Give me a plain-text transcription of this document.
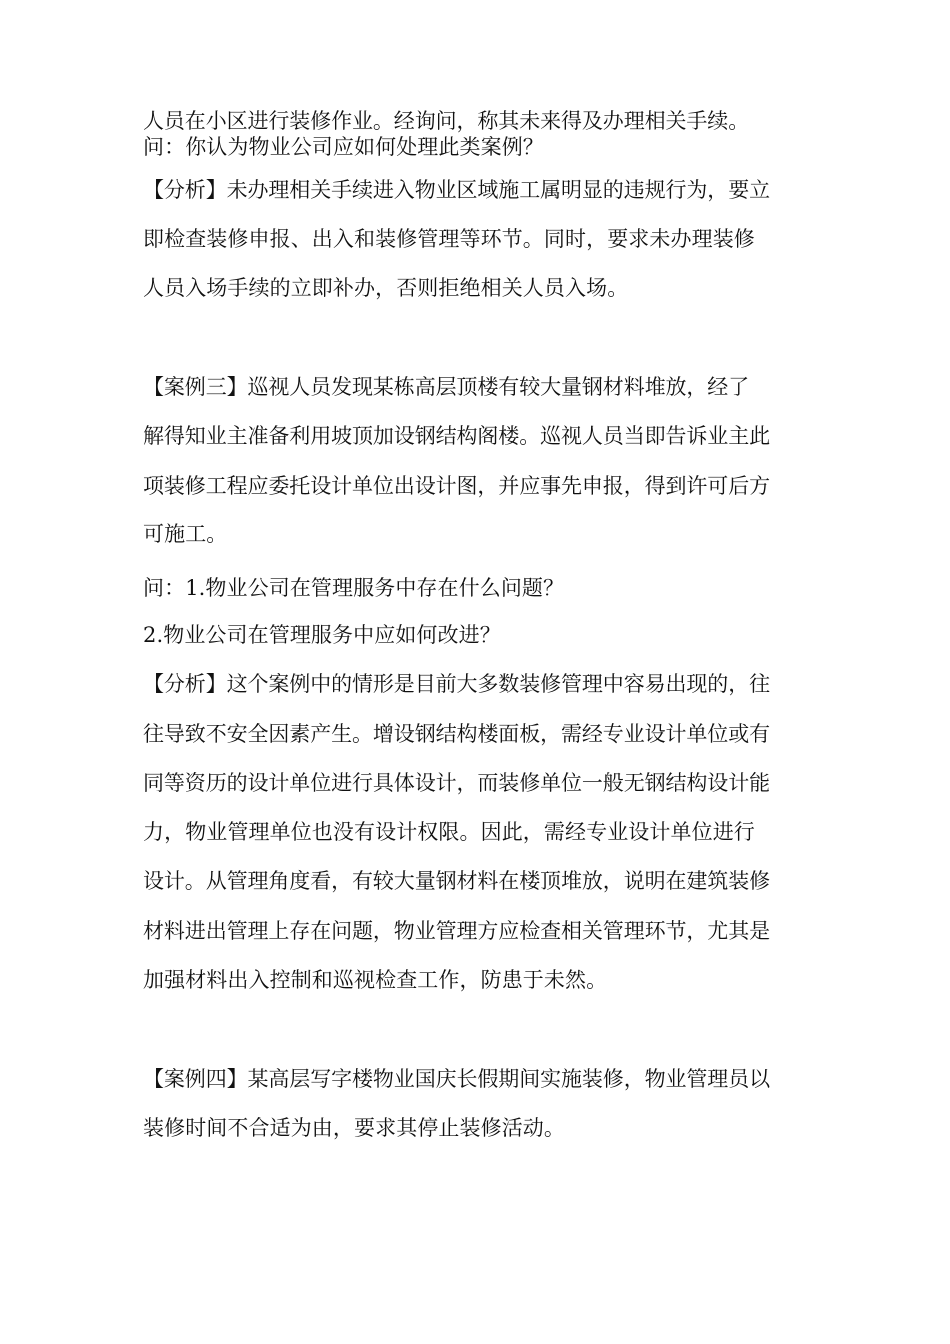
人员在小区进行装修作业。经询问，称其未来得及办理相关手续。
问：你认为物业公司应如何处理此类案例？
【分析】未办理相关手续进入物业区域施工属明显的违规行为，要立
即检查装修申报、出入和装修管理等环节。同时，要求未办理装修
人员入场手续的立即补办，否则拒绝相关人员入场。
【案例三】巡视人员发现某栋高层顶楼有较大量钢材料堆放，经了
解得知业主准备利用坡顶加设钢结构阁楼。巡视人员当即告诉业主此
项装修工程应委托设计单位出设计图，并应事先申报，得到许可后方
可施工。
问：1.物业公司在管理服务中存在什么问题？
2.物业公司在管理服务中应如何改进？
【分析】这个案例中的情形是目前大多数装修管理中容易出现的，往
往导致不安全因素产生。增设钢结构楼面板，需经专业设计单位或有
同等资历的设计单位进行具体设计，而装修单位一般无钢结构设计能
力，物业管理单位也没有设计权限。因此，需经专业设计单位进行
设计。从管理角度看，有较大量钢材料在楼顶堆放，说明在建筑装修
材料进出管理上存在问题，物业管理方应检查相关管理环节，尤其是
加强材料出入控制和巡视检查工作，防患于未然。
【案例四】某高层写字楼物业国庆长假期间实施装修，物业管理员以
装修时间不合适为由，要求其停止装修活动。
